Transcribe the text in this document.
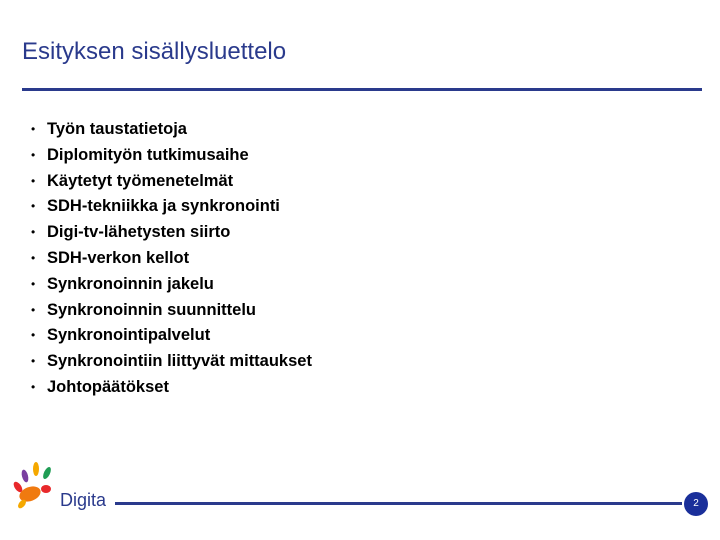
Esityksen sisällysluettelo
• Työn taustatietoja
• Diplomityön tutkimusaihe
• Käytetyt työmenetelmät
• SDH-tekniikka ja synkronointi
• Digi-tv-lähetysten siirto
• SDH-verkon kellot
• Synkronoinnin jakelu
• Synkronoinnin suunnittelu
• Synkronointipalvelut
• Synkronointiin liittyvät mittaukset
• Johtopäätökset
Digita	2
